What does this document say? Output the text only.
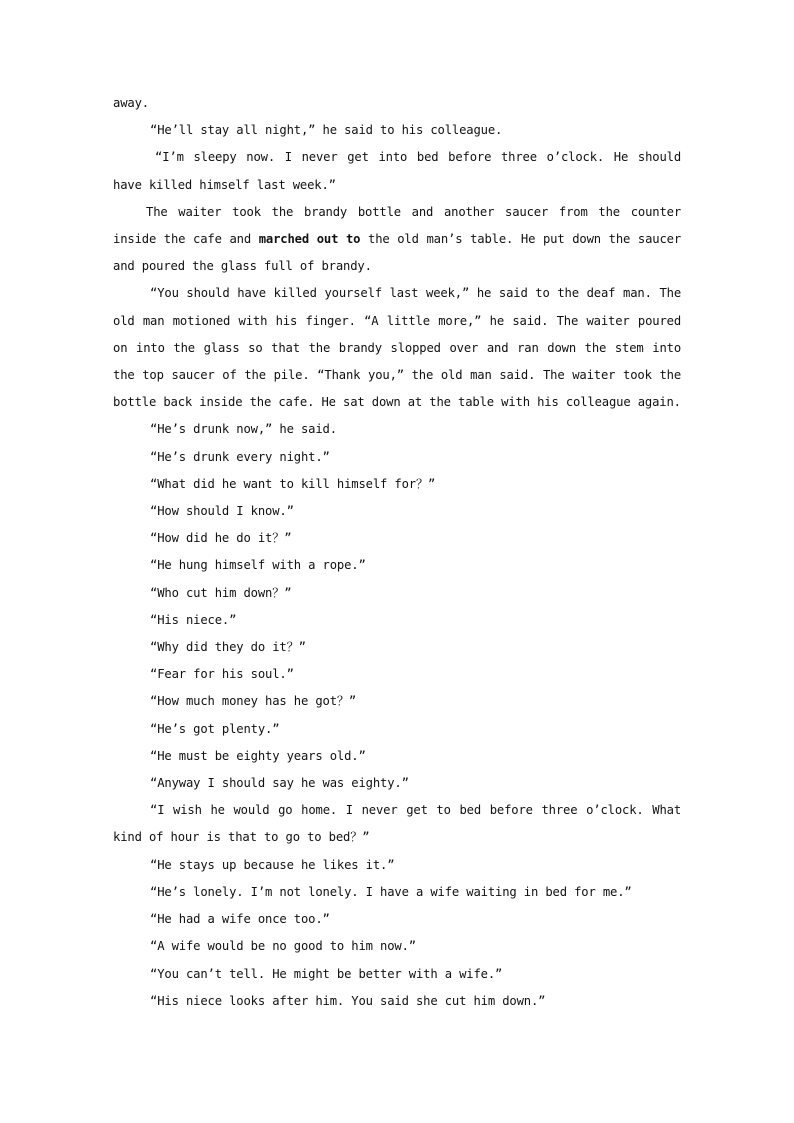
away.

“He’ll stay all night,” he said to his colleague.

“I’m sleepy now. I never get into bed before three o’clock. He should have killed himself last week.”

The waiter took the brandy bottle and another saucer from the counter inside the cafe and marched out to the old man’s table. He put down the saucer and poured the glass full of brandy.

“You should have killed yourself last week,” he said to the deaf man. The old man motioned with his finger. “A little more,” he said. The waiter poured on into the glass so that the brandy slopped over and ran down the stem into the top saucer of the pile. “Thank you,” the old man said. The waiter took the bottle back inside the cafe. He sat down at the table with his colleague again.

“He’s drunk now,” he said.

“He’s drunk every night.”

“What did he want to kill himself for？”

“How should I know.”

“How did he do it？”

“He hung himself with a rope.”

“Who cut him down？”

“His niece.”

“Why did they do it？”

“Fear for his soul.”

“How much money has he got？”

“He’s got plenty.”

“He must be eighty years old.”

“Anyway I should say he was eighty.”

“I wish he would go home. I never get to bed before three o’clock. What kind of hour is that to go to bed？”

“He stays up because he likes it.”

“He’s lonely. I’m not lonely. I have a wife waiting in bed for me.”

“He had a wife once too.”

“A wife would be no good to him now.”

“You can’t tell. He might be better with a wife.”

“His niece looks after him. You said she cut him down.”
